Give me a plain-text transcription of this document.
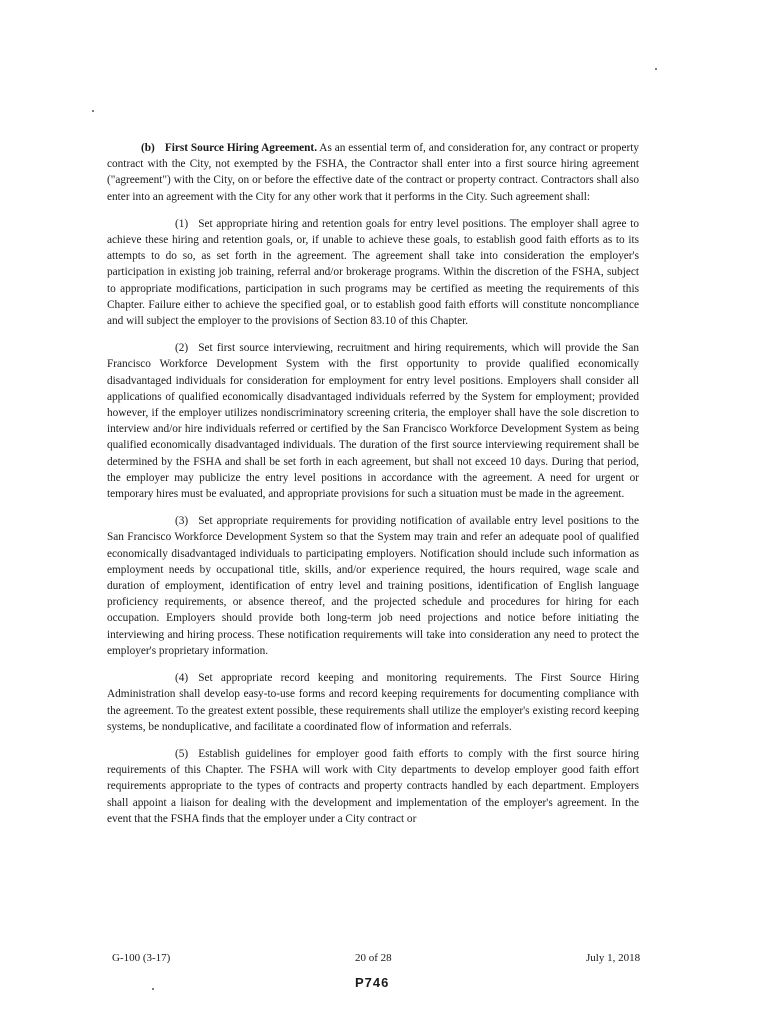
(b) First Source Hiring Agreement. As an essential term of, and consideration for, any contract or property contract with the City, not exempted by the FSHA, the Contractor shall enter into a first source hiring agreement ("agreement") with the City, on or before the effective date of the contract or property contract. Contractors shall also enter into an agreement with the City for any other work that it performs in the City. Such agreement shall:

(1) Set appropriate hiring and retention goals for entry level positions. The employer shall agree to achieve these hiring and retention goals, or, if unable to achieve these goals, to establish good faith efforts as to its attempts to do so, as set forth in the agreement. The agreement shall take into consideration the employer's participation in existing job training, referral and/or brokerage programs. Within the discretion of the FSHA, subject to appropriate modifications, participation in such programs may be certified as meeting the requirements of this Chapter. Failure either to achieve the specified goal, or to establish good faith efforts will constitute noncompliance and will subject the employer to the provisions of Section 83.10 of this Chapter.

(2) Set first source interviewing, recruitment and hiring requirements, which will provide the San Francisco Workforce Development System with the first opportunity to provide qualified economically disadvantaged individuals for consideration for employment for entry level positions. Employers shall consider all applications of qualified economically disadvantaged individuals referred by the System for employment; provided however, if the employer utilizes nondiscriminatory screening criteria, the employer shall have the sole discretion to interview and/or hire individuals referred or certified by the San Francisco Workforce Development System as being qualified economically disadvantaged individuals. The duration of the first source interviewing requirement shall be determined by the FSHA and shall be set forth in each agreement, but shall not exceed 10 days. During that period, the employer may publicize the entry level positions in accordance with the agreement. A need for urgent or temporary hires must be evaluated, and appropriate provisions for such a situation must be made in the agreement.

(3) Set appropriate requirements for providing notification of available entry level positions to the San Francisco Workforce Development System so that the System may train and refer an adequate pool of qualified economically disadvantaged individuals to participating employers. Notification should include such information as employment needs by occupational title, skills, and/or experience required, the hours required, wage scale and duration of employment, identification of entry level and training positions, identification of English language proficiency requirements, or absence thereof, and the projected schedule and procedures for hiring for each occupation. Employers should provide both long-term job need projections and notice before initiating the interviewing and hiring process. These notification requirements will take into consideration any need to protect the employer's proprietary information.

(4) Set appropriate record keeping and monitoring requirements. The First Source Hiring Administration shall develop easy-to-use forms and record keeping requirements for documenting compliance with the agreement. To the greatest extent possible, these requirements shall utilize the employer's existing record keeping systems, be nonduplicative, and facilitate a coordinated flow of information and referrals.

(5) Establish guidelines for employer good faith efforts to comply with the first source hiring requirements of this Chapter. The FSHA will work with City departments to develop employer good faith effort requirements appropriate to the types of contracts and property contracts handled by each department. Employers shall appoint a liaison for dealing with the development and implementation of the employer's agreement. In the event that the FSHA finds that the employer under a City contract or

G-100 (3-17)	20 of 28	July 1, 2018
P746
